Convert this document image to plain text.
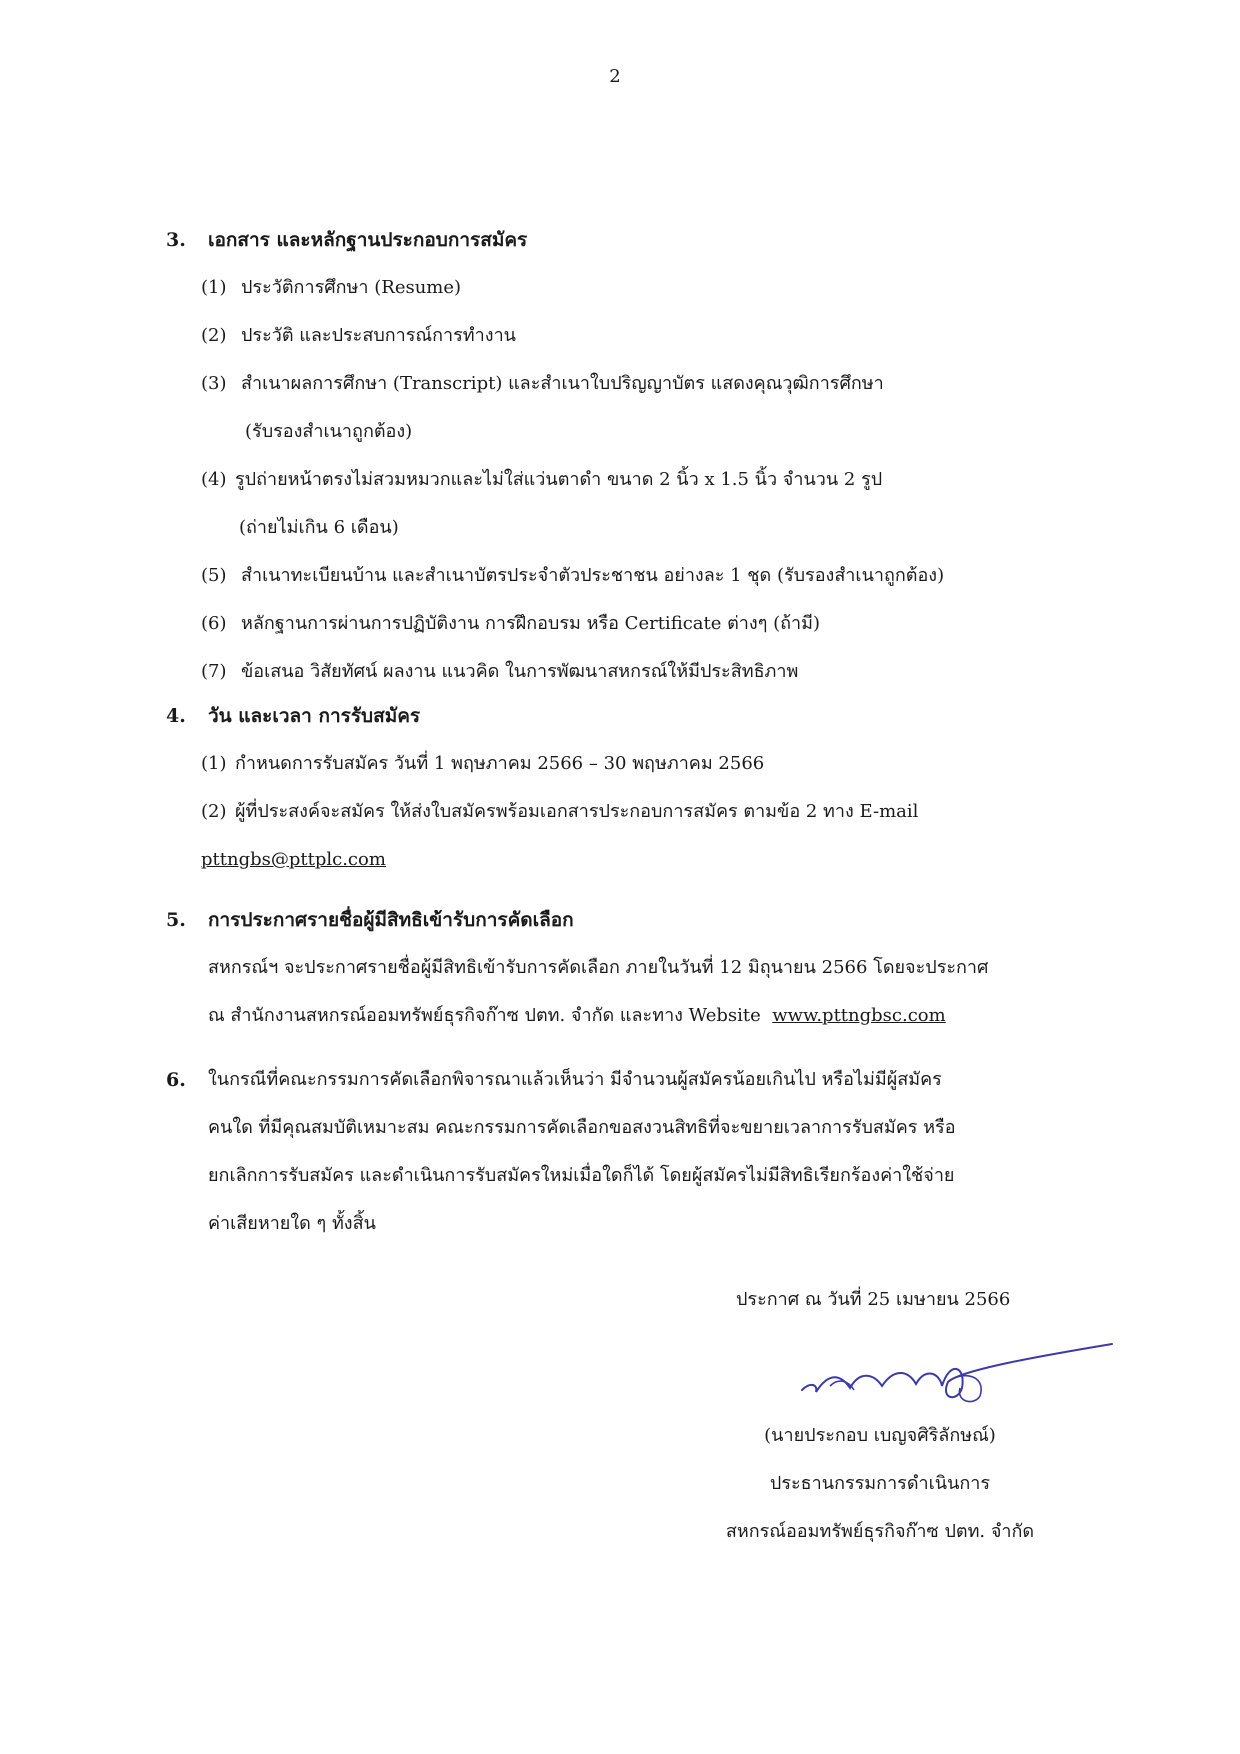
2
3.	เอกสาร และหลักฐานประกอบการสมัคร
(1) ประวัติการศึกษา (Resume)
(2) ประวัติ และประสบการณ์การทำงาน
(3) สำเนาผลการศึกษา (Transcript) และสำเนาใบปริญญาบัตร แสดงคุณวุฒิการศึกษา
(รับรองสำเนาถูกต้อง)
(4) รูปถ่ายหน้าตรงไม่สวมหมวกและไม่ใส่แว่นตาดำ ขนาด 2 นิ้ว x 1.5 นิ้ว จำนวน 2 รูป
(ถ่ายไม่เกิน 6 เดือน)
(5) สำเนาทะเบียนบ้าน และสำเนาบัตรประจำตัวประชาชน อย่างละ 1 ชุด (รับรองสำเนาถูกต้อง)
(6) หลักฐานการผ่านการปฏิบัติงาน การฝึกอบรม หรือ Certificate ต่างๆ (ถ้ามี)
(7) ข้อเสนอ วิสัยทัศน์ ผลงาน แนวคิด ในการพัฒนาสหกรณ์ให้มีประสิทธิภาพ
4.	วัน และเวลา การรับสมัคร
(1) กำหนดการรับสมัคร วันที่ 1 พฤษภาคม 2566 – 30 พฤษภาคม 2566
(2) ผู้ที่ประสงค์จะสมัคร ให้ส่งใบสมัครพร้อมเอกสารประกอบการสมัคร ตามข้อ 2 ทาง E-mail
pttngbs@pttplc.com
5.	การประกาศรายชื่อผู้มีสิทธิเข้ารับการคัดเลือก
สหกรณ์ฯ จะประกาศรายชื่อผู้มีสิทธิเข้ารับการคัดเลือก ภายในวันที่ 12 มิถุนายน 2566 โดยจะประกาศ
ณ สำนักงานสหกรณ์ออมทรัพย์ธุรกิจก๊าซ ปตท. จำกัด และทาง Website www.pttngbsc.com
6.	ในกรณีที่คณะกรรมการคัดเลือกพิจารณาแล้วเห็นว่า มีจำนวนผู้สมัครน้อยเกินไป หรือไม่มีผู้สมัคร
คนใด ที่มีคุณสมบัติเหมาะสม คณะกรรมการคัดเลือกขอสงวนสิทธิที่จะขยายเวลาการรับสมัคร หรือ
ยกเลิกการรับสมัคร และดำเนินการรับสมัครใหม่เมื่อใดก็ได้ โดยผู้สมัครไม่มีสิทธิเรียกร้องค่าใช้จ่าย
ค่าเสียหายใด ๆ ทั้งสิ้น
ประกาศ ณ วันที่ 25 เมษายน 2566
(นายประกอบ เบญจศิริลักษณ์)
ประธานกรรมการดำเนินการ
สหกรณ์ออมทรัพย์ธุรกิจก๊าซ ปตท. จำกัด
